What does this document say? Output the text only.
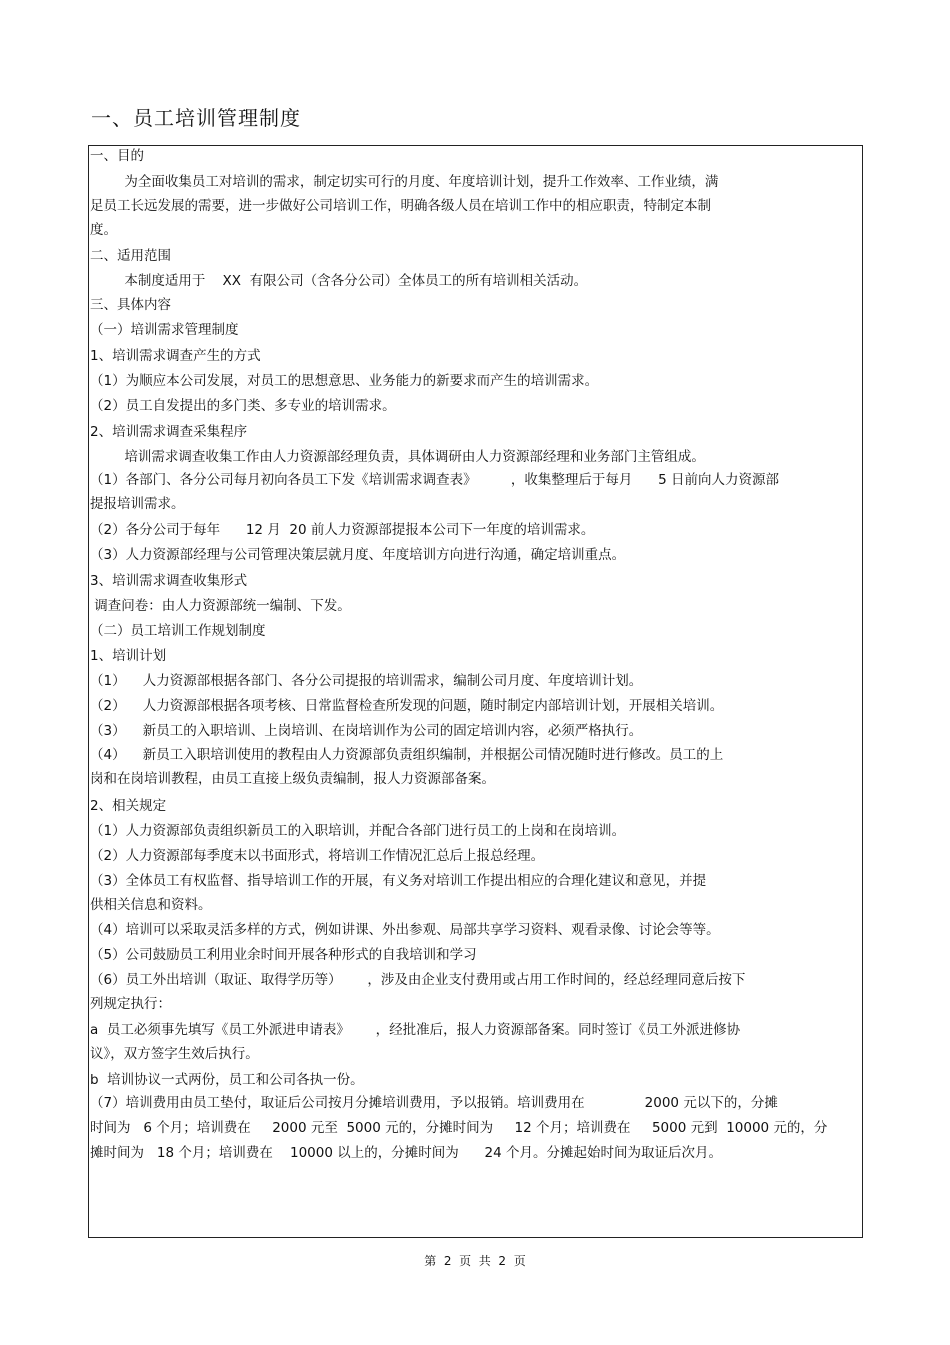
一、员工培训管理制度
一、目的
为全面收集员工对培训的需求，制定切实可行的月度、年度培训计划，提升工作效率、工作业绩，满
足员工长远发展的需要，进一步做好公司培训工作，明确各级人员在培训工作中的相应职责，特制定本制
度。
二、适用范围
本制度适用于    XX  有限公司（含各分公司）全体员工的所有培训相关活动。
三、具体内容
（一）培训需求管理制度
1、培训需求调查产生的方式
（1）为顺应本公司发展，对员工的思想意思、业务能力的新要求而产生的培训需求。
（2）员工自发提出的多门类、多专业的培训需求。
2、培训需求调查采集程序
培训需求调查收集工作由人力资源部经理负责，具体调研由人力资源部经理和业务部门主管组成。
（1）各部门、各分公司每月初向各员工下发《培训需求调查表》        ，收集整理后于每月      5 日前向人力资源部
提报培训需求。
（2）各分公司于每年      12 月  20 前人力资源部提报本公司下一年度的培训需求。
（3）人力资源部经理与公司管理决策层就月度、年度培训方向进行沟通，确定培训重点。
3、培训需求调查收集形式
调查问卷：由人力资源部统一编制、下发。
（二）员工培训工作规划制度
1、培训计划
（1）    人力资源部根据各部门、各分公司提报的培训需求，编制公司月度、年度培训计划。
（2）    人力资源部根据各项考核、日常监督检查所发现的问题，随时制定内部培训计划，开展相关培训。
（3）    新员工的入职培训、上岗培训、在岗培训作为公司的固定培训内容，必须严格执行。
（4）    新员工入职培训使用的教程由人力资源部负责组织编制，并根据公司情况随时进行修改。员工的上
岗和在岗培训教程，由员工直接上级负责编制，报人力资源部备案。
2、相关规定
（1）人力资源部负责组织新员工的入职培训，并配合各部门进行员工的上岗和在岗培训。
（2）人力资源部每季度末以书面形式，将培训工作情况汇总后上报总经理。
（3）全体员工有权监督、指导培训工作的开展，有义务对培训工作提出相应的合理化建议和意见，并提
供相关信息和资料。
（4）培训可以采取灵活多样的方式，例如讲课、外出参观、局部共享学习资料、观看录像、讨论会等等。
（5）公司鼓励员工利用业余时间开展各种形式的自我培训和学习
（6）员工外出培训（取证、取得学历等）      ，涉及由企业支付费用或占用工作时间的，经总经理同意后按下
列规定执行：
a  员工必须事先填写《员工外派进申请表》      ，经批准后，报人力资源部备案。同时签订《员工外派进修协
议》，双方签字生效后执行。
b  培训协议一式两份，员工和公司各执一份。
（7）培训费用由员工垫付，取证后公司按月分摊培训费用，予以报销。培训费用在              2000 元以下的，分摊
时间为   6 个月；培训费在     2000 元至  5000 元的，分摊时间为     12 个月；培训费在     5000 元到  10000 元的，分
摊时间为   18 个月；培训费在    10000 以上的，分摊时间为      24 个月。分摊起始时间为取证后次月。
第  2  页  共  2  页
